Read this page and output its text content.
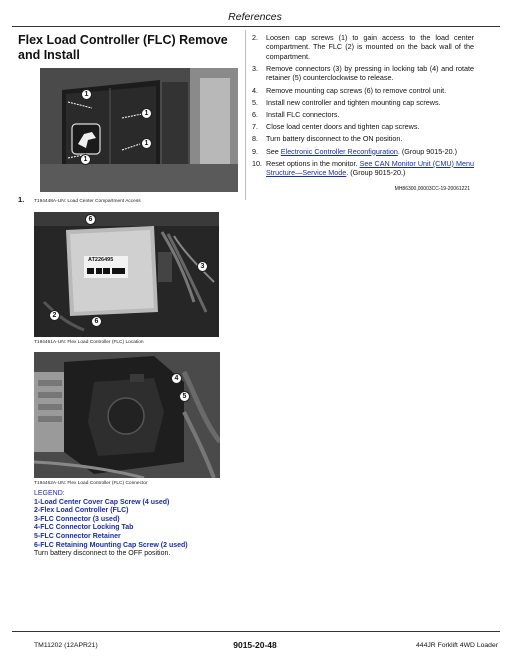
References
Flex Load Controller (FLC) Remove and Install
2.	Loosen cap screws (1) to gain access to the load center compartment. The FLC (2) is mounted on the back wall of the compartment.
3.	Remove connectors (3) by pressing in locking tab (4) and rotate retainer (5) counterclockwise to release.
4.	Remove mounting cap screws (6) to remove control unit.
5.	Install new controller and tighten mounting cap screws.
6.	Install FLC connectors.
7.	Close load center doors and tighten cap screws.
8.	Turn battery disconnect to the ON position.
9.	See Electronic Controller Reconfiguration. (Group 9015-20.)
10. Reset options in the monitor. See CAN Monitor Unit (CMU) Menu Structure—Service Mode. (Group 9015-20.)
MH86300,00003CC-19-20061221
1
1
1
1
1. T194448A-UN: Load Center Compartment Access
AT226495
6
3
2
6
T194461A-UN: Flex Load Controller (FLC) Location
4
5
T194462A-UN: Flex Load Controller (FLC) Connector
LEGEND:
1-Load Center Cover Cap Screw (4 used)
2-Flex Load Controller (FLC)
3-FLC Connector (3 used)
4-FLC Connector Locking Tab
5-FLC Connector Retainer
6-FLC Retaining Mounting Cap Screw (2 used)
Turn battery disconnect to the OFF position.
TM11202 (12APR21)	9015-20-48	444JR Forklift 4WD Loader
